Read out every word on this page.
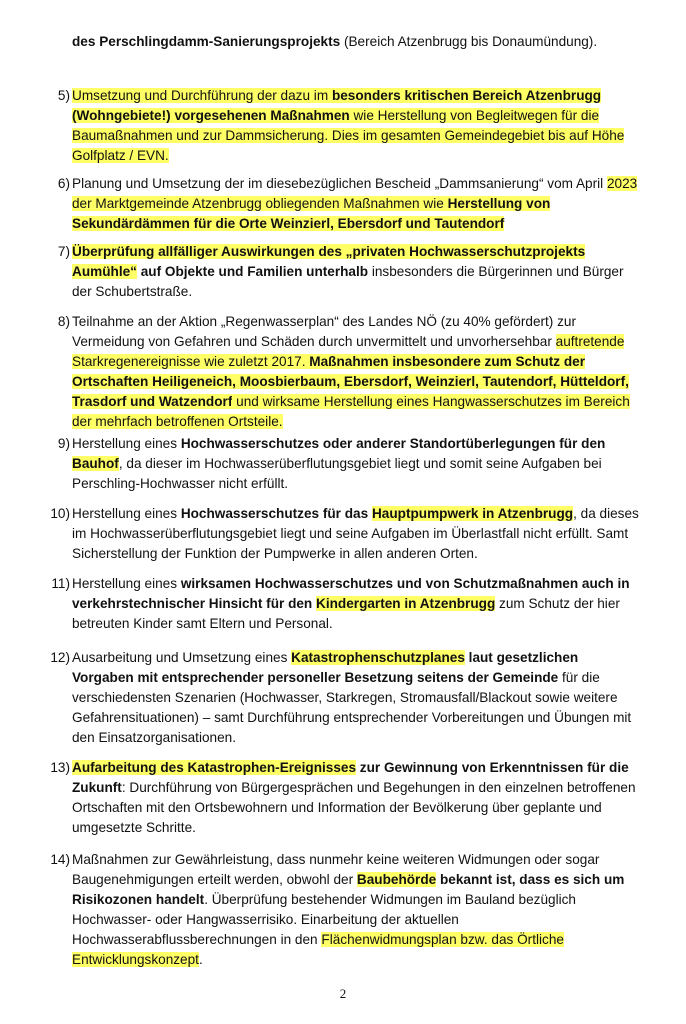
des Perschlingdamm-Sanierungsprojekts (Bereich Atzenbrugg bis Donaumündung).
5) Umsetzung und Durchführung der dazu im besonders kritischen Bereich Atzenbrugg (Wohngebiete!) vorgesehenen Maßnahmen wie Herstellung von Begleitwegen für die Baumaßnahmen und zur Dammsicherung. Dies im gesamten Gemeindegebiet bis auf Höhe Golfplatz / EVN.
6) Planung und Umsetzung der im diesebezüglichen Bescheid „Dammsanierung“ vom April 2023 der Marktgemeinde Atzenbrugg obliegenden Maßnahmen wie Herstellung von Sekundärdämmen für die Orte Weinzierl, Ebersdorf und Tautendorf
7) Überprüfung allfälliger Auswirkungen des „privaten Hochwasserschutzprojekts Aumühle“ auf Objekte und Familien unterhalb insbesonders die Bürgerinnen und Bürger der Schubertstraße.
8) Teilnahme an der Aktion „Regenwasserplan“ des Landes NÖ (zu 40% gefördert) zur Vermeidung von Gefahren und Schäden durch unvermittelt und unvorhersehbar auftretende Starkregenereignisse wie zuletzt 2017. Maßnahmen insbesondere zum Schutz der Ortschaften Heiligeneich, Moosbierbaum, Ebersdorf, Weinzierl, Tautendorf, Hütteldorf, Trasdorf und Watzendorf und wirksame Herstellung eines Hangwasserschutzes im Bereich der mehrfach betroffenen Ortsteile.
9) Herstellung eines Hochwasserschutzes oder anderer Standortüberlegungen für den Bauhof, da dieser im Hochwasserüberflutungsgebiet liegt und somit seine Aufgaben bei Perschling-Hochwasser nicht erfüllt.
10) Herstellung eines Hochwasserschutzes für das Hauptpumpwerk in Atzenbrugg, da dieses im Hochwasserüberflutungsgebiet liegt und seine Aufgaben im Überlastfall nicht erfüllt. Samt Sicherstellung der Funktion der Pumpwerke in allen anderen Orten.
11) Herstellung eines wirksamen Hochwasserschutzes und von Schutzmaßnahmen auch in verkehrstechnischer Hinsicht für den Kindergarten in Atzenbrugg zum Schutz der hier betreuten Kinder samt Eltern und Personal.
12) Ausarbeitung und Umsetzung eines Katastrophenschutzplanes laut gesetzlichen Vorgaben mit entsprechender personeller Besetzung seitens der Gemeinde für die verschiedensten Szenarien (Hochwasser, Starkregen, Stromausfall/Blackout sowie weitere Gefahrensituationen) – samt Durchführung entsprechender Vorbereitungen und Übungen mit den Einsatzorganisationen.
13) Aufarbeitung des Katastrophen-Ereignisses zur Gewinnung von Erkenntnissen für die Zukunft: Durchführung von Bürgergesprächen und Begehungen in den einzelnen betroffenen Ortschaften mit den Ortsbewohnern und Information der Bevölkerung über geplante und umgesetzte Schritte.
14) Maßnahmen zur Gewährleistung, dass nunmehr keine weiteren Widmungen oder sogar Baugenehmigungen erteilt werden, obwohl der Baubehörde bekannt ist, dass es sich um Risikozonen handelt. Überprüfung bestehender Widmungen im Bauland bezüglich Hochwasser- oder Hangwasserrisiko. Einarbeitung der aktuellen Hochwasserabflussberechnungen in den Flächenwidmungsplan bzw. das Örtliche Entwicklungskonzept.
2
